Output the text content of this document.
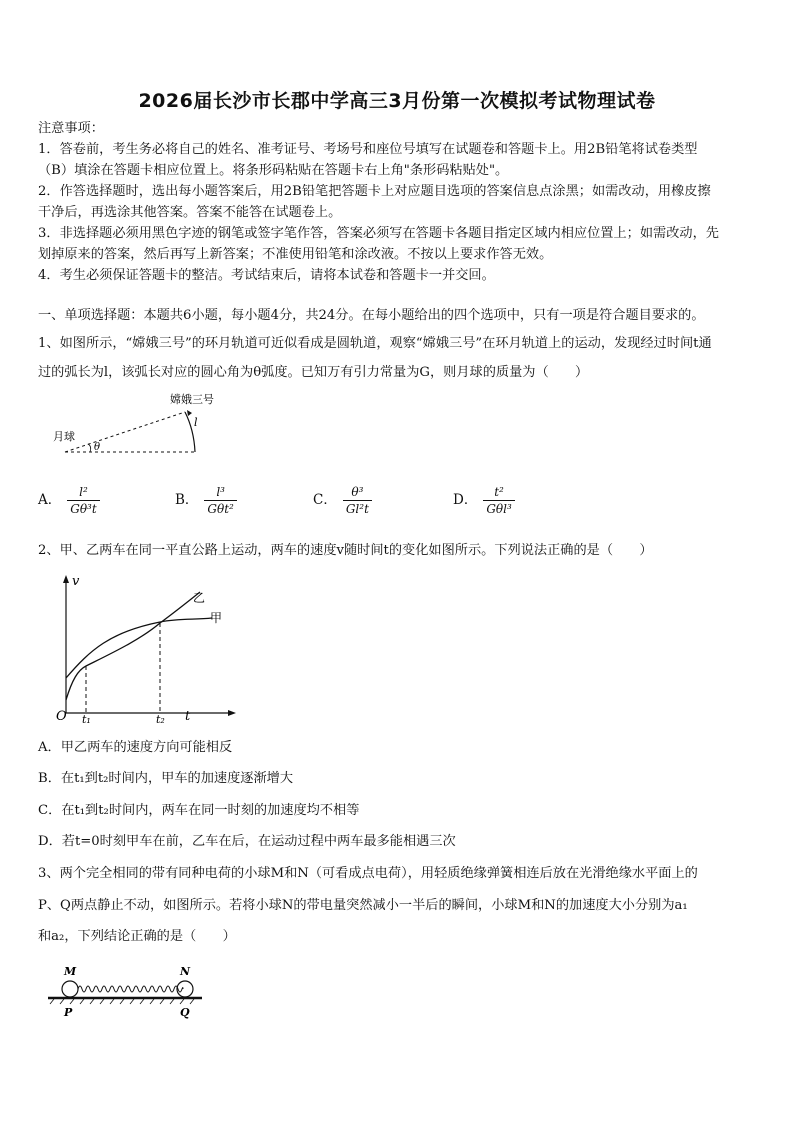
2026届长沙市长郡中学高三3月份第一次模拟考试物理试卷
注意事项：
1．答卷前，考生务必将自己的姓名、准考证号、考场号和座位号填写在试题卷和答题卡上。用2B铅笔将试卷类型
（B）填涂在答题卡相应位置上。将条形码粘贴在答题卡右上角"条形码粘贴处"。
2．作答选择题时，选出每小题答案后，用2B铅笔把答题卡上对应题目选项的答案信息点涂黑；如需改动，用橡皮擦
干净后，再选涂其他答案。答案不能答在试题卷上。
3．非选择题必须用黑色字迹的钢笔或签字笔作答，答案必须写在答题卡各题目指定区域内相应位置上；如需改动，先
划掉原来的答案，然后再写上新答案；不准使用铅笔和涂改液。不按以上要求作答无效。
4．考生必须保证答题卡的整洁。考试结束后，请将本试卷和答题卡一并交回。
一、单项选择题：本题共6小题，每小题4分，共24分。在每小题给出的四个选项中，只有一项是符合题目要求的。
1、如图所示，“嫦娥三号”的环月轨道可近似看成是圆轨道，观察“嫦娥三号”在环月轨道上的运动，发现经过时间t通
过的弧长为l，该弧长对应的圆心角为θ弧度。已知万有引力常量为G，则月球的质量为（　　）
月球
嫦娥三号
l
θ
A． $\frac{\text{l²}}{\text{Gθ³t}}$	B． $\frac{\text{l³}}{\text{Gθt²}}$	C． $\frac{\text{θ³}}{\text{Gl²t}}$	D． $\frac{\text{t²}}{\text{Gθl³}}$
2、甲、乙两车在同一平直公路上运动，两车的速度v随时间t的变化如图所示。下列说法正确的是（　　）
v
O t₁	t₂ t
乙
甲
A．甲乙两车的速度方向可能相反
B．在t₁到t₂时间内，甲车的加速度逐渐增大
C．在t₁到t₂时间内，两车在同一时刻的加速度均不相等
D．若t=0时刻甲车在前，乙车在后，在运动过程中两车最多能相遇三次
3、两个完全相同的带有同种电荷的小球M和N（可看成点电荷），用轻质绝缘弹簧相连后放在光滑绝缘水平面上的
P、Q两点静止不动，如图所示。若将小球N的带电量突然减小一半后的瞬间，小球M和N的加速度大小分别为a₁
和a₂，下列结论正确的是（　　）
M	N
P	Q
